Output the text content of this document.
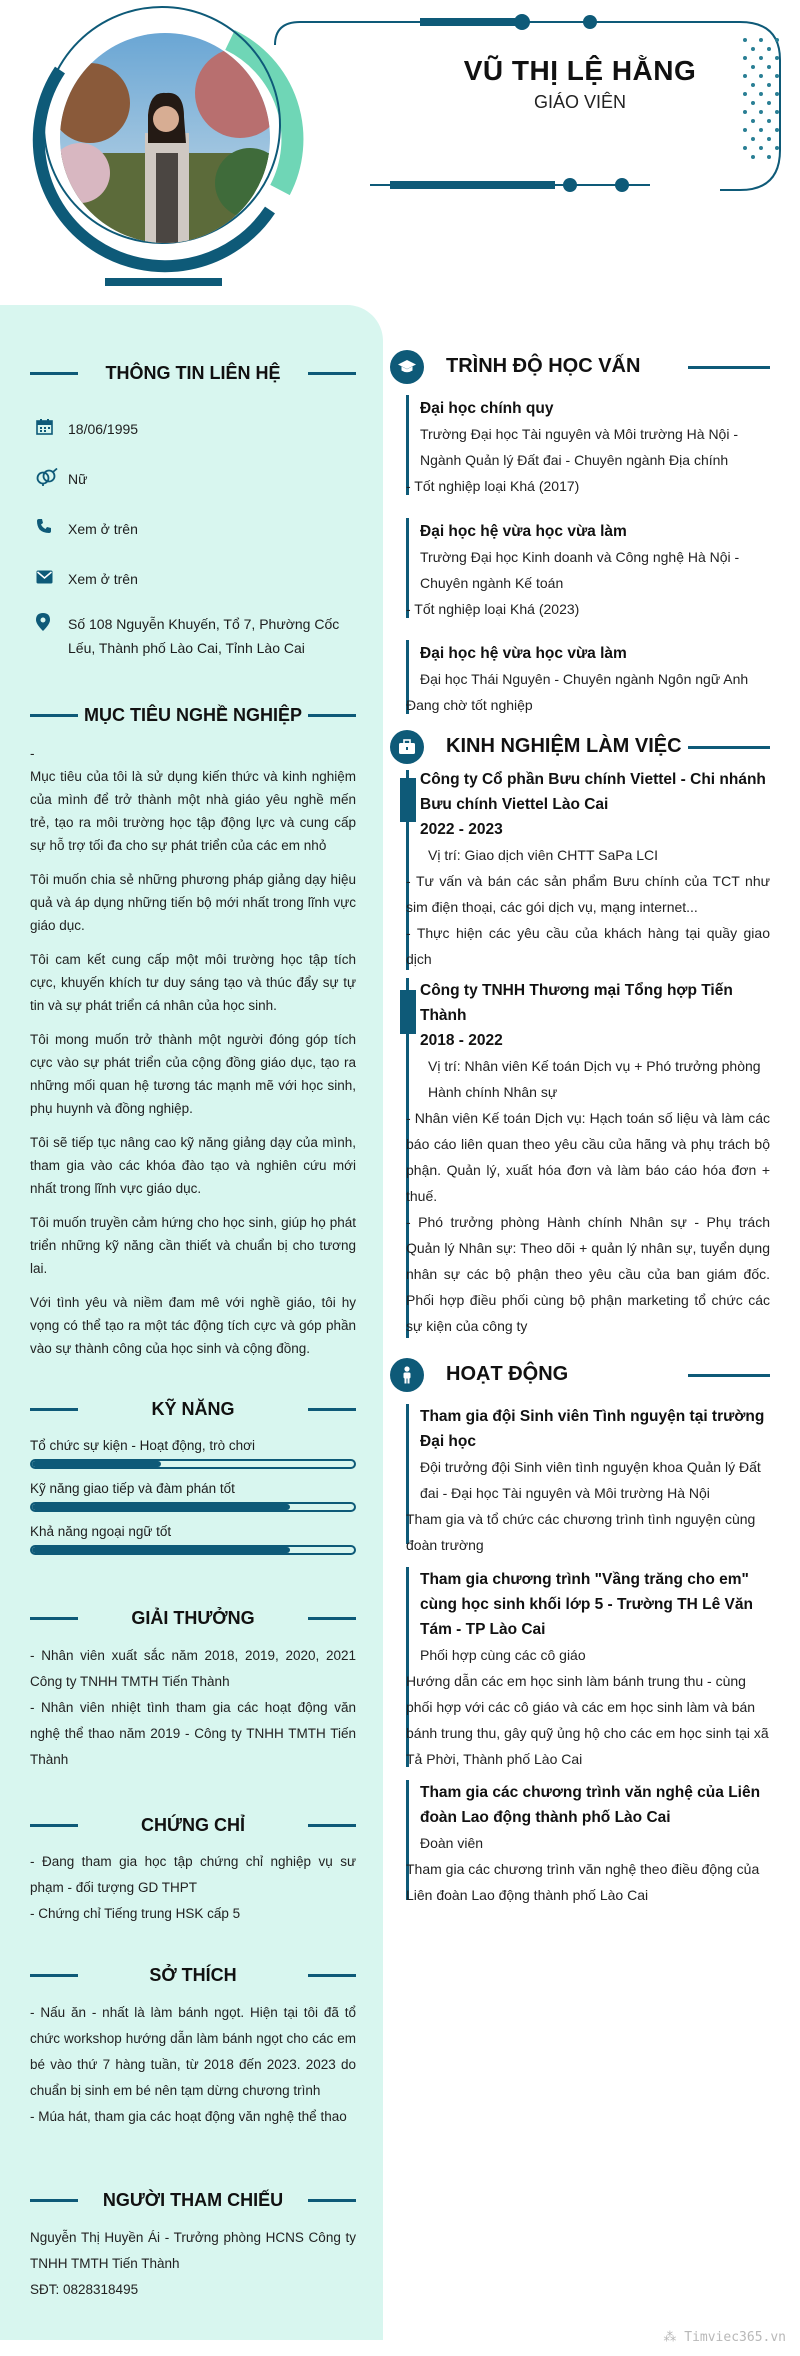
VŨ THỊ LỆ HẰNG
GIÁO VIÊN
THÔNG TIN LIÊN HỆ
18/06/1995
Nữ
Xem ở trên
Xem ở trên
Số 108 Nguyễn Khuyến, Tổ 7, Phường Cốc Lếu, Thành phố Lào Cai, Tỉnh Lào Cai
MỤC TIÊU NGHỀ NGHIỆP

-

Mục tiêu của tôi là sử dụng kiến thức và kinh nghiệm của mình để trở thành một nhà giáo yêu nghề mến trẻ, tạo ra môi trường học tập động lực và cung cấp sự hỗ trợ tối đa cho sự phát triển của các em nhỏ

Tôi muốn chia sẻ những phương pháp giảng dạy hiệu quả và áp dụng những tiến bộ mới nhất trong lĩnh vực giáo dục.

Tôi cam kết cung cấp một môi trường học tập tích cực, khuyến khích tư duy sáng tạo và thúc đẩy sự tự tin và sự phát triển cá nhân của học sinh.

Tôi mong muốn trở thành một người đóng góp tích cực vào sự phát triển của cộng đồng giáo dục, tạo ra những mối quan hệ tương tác mạnh mẽ với học sinh, phụ huynh và đồng nghiệp.

Tôi sẽ tiếp tục nâng cao kỹ năng giảng dạy của mình, tham gia vào các khóa đào tạo và nghiên cứu mới nhất trong lĩnh vực giáo dục.

Tôi muốn truyền cảm hứng cho học sinh, giúp họ phát triển những kỹ năng cần thiết và chuẩn bị cho tương lai.

Với tình yêu và niềm đam mê với nghề giáo, tôi hy vọng có thể tạo ra một tác động tích cực và góp phần vào sự thành công của học sinh và cộng đồng.

KỸ NĂNG
Tổ chức sự kiện - Hoạt động, trò chơi
Kỹ năng giao tiếp và đàm phán tốt
Khả năng ngoại ngữ tốt
GIẢI THƯỞNG

- Nhân viên xuất sắc năm 2018, 2019, 2020, 2021 Công ty TNHH TMTH Tiến Thành

- Nhân viên nhiệt tình tham gia các hoạt động văn nghệ thể thao năm 2019 - Công ty TNHH TMTH Tiến Thành

CHỨNG CHỈ

- Đang tham gia học tập chứng chỉ nghiệp vụ sư phạm - đối tượng GD THPT

- Chứng chỉ Tiếng trung HSK cấp 5

SỞ THÍCH

- Nấu ăn - nhất là làm bánh ngọt. Hiện tại tôi đã tổ chức workshop hướng dẫn làm bánh ngọt cho các em bé vào thứ 7 hàng tuần, từ 2018 đến 2023. 2023 do chuẩn bị sinh em bé nên tạm dừng chương trình

- Múa hát, tham gia các hoạt động văn nghệ thể thao

NGƯỜI THAM CHIẾU

Nguyễn Thị Huyền Ái - Trưởng phòng HCNS Công ty TNHH TMTH Tiến Thành

SĐT: 0828318495

TRÌNH ĐỘ HỌC VẤN
Đại học chính quy
Trường Đại học Tài nguyên và Môi trường Hà Nội - Ngành Quản lý Đất đai - Chuyên ngành Địa chính
- Tốt nghiệp loại Khá (2017)
Đại học hệ vừa học vừa làm
Trường Đại học Kinh doanh và Công nghệ Hà Nội - Chuyên ngành Kế toán
- Tốt nghiệp loại Khá (2023)
Đại học hệ vừa học vừa làm
Đại học Thái Nguyên - Chuyên ngành Ngôn ngữ Anh
Đang chờ tốt nghiệp
KINH NGHIỆM LÀM VIỆC
Công ty Cổ phần Bưu chính Viettel - Chi nhánh Bưu chính Viettel Lào Cai
2022 - 2023
Vị trí: Giao dịch viên CHTT SaPa LCI
- Tư vấn và bán các sản phẩm Bưu chính của TCT như sim điện thoại, các gói dịch vụ, mạng internet...
- Thực hiện các yêu cầu của khách hàng tại quầy giao dịch
Công ty TNHH Thương mại Tổng hợp Tiến Thành
2018 - 2022
Vị trí: Nhân viên Kế toán Dịch vụ + Phó trưởng phòng Hành chính Nhân sự
- Nhân viên Kế toán Dịch vụ: Hạch toán số liệu và làm các báo cáo liên quan theo yêu cầu của hãng và phụ trách bộ phận. Quản lý, xuất hóa đơn và làm báo cáo hóa đơn + thuế.
- Phó trưởng phòng Hành chính Nhân sự - Phụ trách Quản lý Nhân sự: Theo dõi + quản lý nhân sự, tuyển dụng nhân sự các bộ phận theo yêu cầu của ban giám đốc. Phối hợp điều phối cùng bộ phận marketing tổ chức các sự kiện của công ty
HOẠT ĐỘNG
Tham gia đội Sinh viên Tình nguyện tại trường Đại học
Đội trưởng đội Sinh viên tình nguyện khoa Quản lý Đất đai - Đại học Tài nguyên và Môi trường Hà Nội
Tham gia và tổ chức các chương trình tình nguyện cùng đoàn trường
Tham gia chương trình "Vầng trăng cho em" cùng học sinh khối lớp 5 - Trường TH Lê Văn Tám - TP Lào Cai
Phối hợp cùng các cô giáo
Hướng dẫn các em học sinh làm bánh trung thu - cùng phối hợp với các cô giáo và các em học sinh làm và bán bánh trung thu, gây quỹ ủng hộ cho các em học sinh tại xã Tả Phời, Thành phố Lào Cai
Tham gia các chương trình văn nghệ của Liên đoàn Lao động thành phố Lào Cai
Đoàn viên
Tham gia các chương trình văn nghệ theo điều động của Liên đoàn Lao động thành phố Lào Cai
⁂ Timviec365.vn
